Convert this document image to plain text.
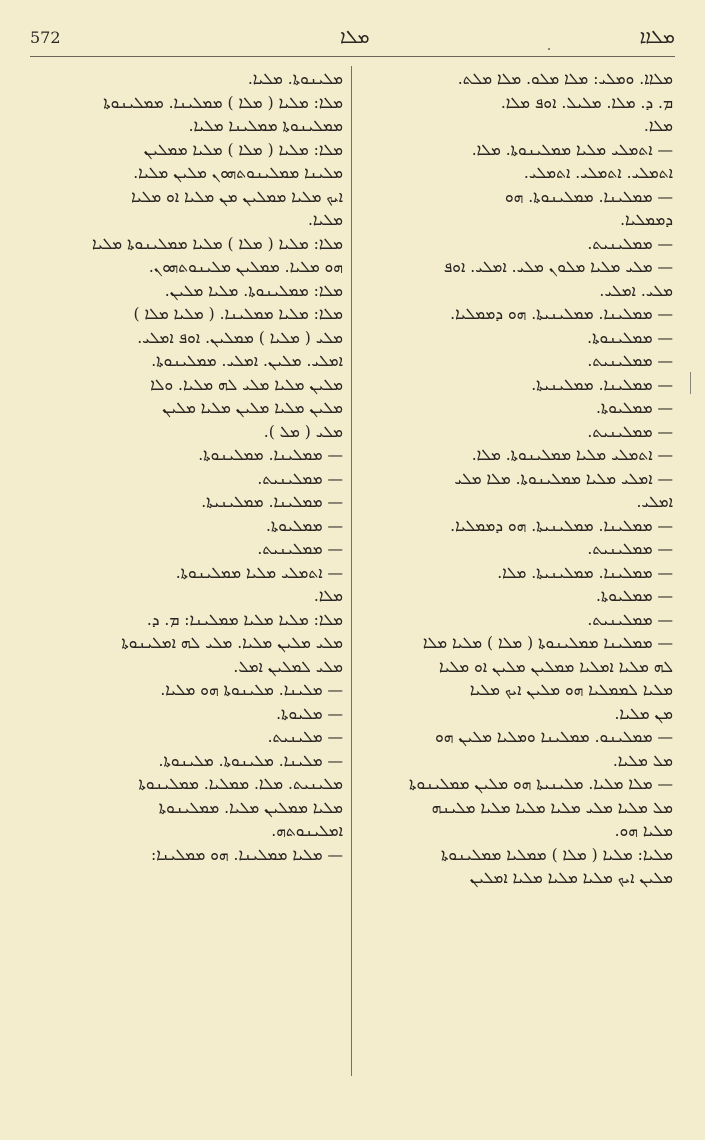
572	ܡܠܐ	ܡܠܐܐ
ܡܠܐܐ. ܘܡܠܝ: ܡܠܐ ܡܠܘ. ܡܠܐ ܡܠܬ.
ܡ. ܕ. ܡܠܐ. ܡܠܝܠ. ܐܘܦ ܡܠܐ.
ܡܠܐ.
— ܐܬܡܠܝ ܡܠܝܐ ܡܡܠܝܢܘܬܐ. ܡܠܐ.
ܐܬܡܠܝ. ܐܬܡܠܝ. ܐܬܡܠܝ.
— ܡܡܠܝܢܐ. ܡܡܠܝܢܘܬܐ. ܗܘ
ܕܡܡܠܝܐ.
— ܡܡܠܝܢܝܬ.
— ܡܠܝ ܡܠܝܐ ܡܠܘܢ ܡܠܝ. ܐܡܠܝ. ܐܘܦ
ܡܠܝ. ܐܡܠܝ.
— ܡܡܠܝܢܐ. ܡܡܠܝܢܝܬܐ. ܗܘ ܕܡܡܠܝܐ.
— ܡܡܠܝܢܘܬܐ.
— ܡܡܠܝܢܝܬ.
— ܡܡܠܝܢܐ. ܡܡܠܝܢܝܬܐ.
— ܡܡܠܝܘܬܐ.
— ܡܡܠܝܢܝܬ.
— ܐܬܡܠܝ ܡܠܝܐ ܡܡܠܝܢܘܬܐ. ܡܠܐ.
— ܐܡܠܝ ܡܠܝܐ ܡܡܠܝܢܘܬܐ. ܡܠܐ ܡܠܝ
ܐܡܠܝ.
— ܡܡܠܝܢܐ. ܡܡܠܝܢܝܬܐ. ܗܘ ܕܡܡܠܝܐ.
— ܡܡܠܝܢܝܬ.
— ܡܡܠܝܢܐ. ܡܡܠܝܢܝܬܐ. ܡܠܐ.
— ܡܡܠܝܘܬܐ.
— ܡܡܠܝܢܝܬ.
— ܡܡܠܝܢܐ ܡܡܠܝܢܘܬܐ ( ܡܠܐ ) ܡܠܝܐ ܡܠܐ
ܠܗ ܡܠܝܐ ܐܡܠܝܐ ܡܡܠܝܢ ܡܠܝܢ ܐܘ ܡܠܝܐ
ܡܠܝܐ ܠܡܡܠܝܐ ܗܘ ܡܠܝܢ ܐܝܟ ܡܠܝܐ
ܡܢ ܡܠܝܐ.
— ܡܡܠܝܢܘ. ܡܡܠܝܢܐ ܘܡܠܝܐ ܡܠܝܢ ܗܘ
ܡܠ ܡܠܝܐ.
— ܡܠܐ ܡܠܝܐ. ܡܠܝܢܝܬܐ ܗܘ ܡܠܝܢ ܡܡܠܝܢܘܬܐ
ܡܠ ܡܠܝܐ ܡܠܝ ܡܠܝܐ ܡܠܝܐ ܡܠܝܐ ܡܠܝܢܗ
ܡܠܝܐ ܗܘ.
ܡܠܝܐ: ܡܠܝܐ ( ܡܠܐ ) ܡܡܠܝܐ ܡܡܠܝܢܘܬܐ
ܡܠܝܢ ܐܝܟ ܡܠܝܐ ܡܠܝܐ ܡܠܝܐ ܐܡܠܝܢ
ܡܠܝܢܘܬܐ. ܡܠܝܐ.
ܡܠܐ: ܡܠܝܐ ( ܡܠܐ ) ܡܡܠܝܢܐ. ܡܡܠܝܢܘܬܐ
ܡܡܠܝܢܘܬܐ ܡܡܠܝܢܐ ܡܠܝܐ.
ܡܠܐ: ܡܠܝܐ ( ܡܠܐ ) ܡܠܝܐ ܡܡܠܝܢ
ܡܠܝܢܐ ܡܡܠܝܢܘܬܗܘܢ ܡܠܝܢ ܡܠܝܐ.
ܐܝܟ ܡܠܝܐ ܡܡܠܝܢ ܡܢ ܡܠܝܐ ܐܘ ܡܠܝܐ
ܡܠܝܐ.
ܡܠܐ: ܡܠܝܐ ( ܡܠܐ ) ܡܠܝܐ ܡܡܠܝܢܘܬܐ ܡܠܝܐ
ܗܘ ܡܠܝܐ. ܡܡܠܝܢ ܡܠܝܢܘܬܗܘܢ.
ܡܠܐ: ܡܡܠܝܢܘܬܐ. ܡܠܝܐ ܡܠܝܢ.
ܡܠܐ: ܡܠܝܐ ܡܡܠܝܢܐ. ( ܡܠܝܐ ܡܠܐ )
ܡܠܝ ( ܡܠܝܐ ) ܡܡܠܝܢ. ܐܘܦ ܐܡܠܝ.
ܐܡܠܝ. ܡܠܝܢ. ܐܡܠܝ. ܡܡܠܝܢܘܬܐ.
ܡܠܝܢ ܡܠܝܐ ܡܠܝ ܠܗ ܡܠܝܐ. ܘܠܐ
ܡܠܝܢ ܡܠܝܐ ܡܠܝܢ ܡܠܝܐ ܡܠܝܢ
ܡܠܝ ( ܡܠ ).
— ܡܡܠܝܢܐ. ܡܡܠܝܢܘܬܐ.
— ܡܡܠܝܢܝܬ.
— ܡܡܠܝܢܐ. ܡܡܠܝܢܝܬܐ.
— ܡܡܠܝܘܬܐ.
— ܡܡܠܝܢܝܬ.
— ܐܬܡܠܝ ܡܠܝܐ ܡܡܠܝܢܘܬܐ.
ܡܠܐ.
ܡܠܐ: ܡܠܝܐ ܡܠܝܐ ܡܡܠܝܢܐ: ܡ. ܕ.
ܡܠܝ ܡܠܝܢ ܡܠܝܐ. ܡܠܝ ܠܗ ܐܡܠܝܢܘܬܐ
ܡܠܝ ܠܡܠܝܢ ܐܡܠ.
— ܡܠܝܢܐ. ܡܠܝܢܘܬܐ ܗܘ ܡܠܝܐ.
— ܡܠܝܘܬܐ.
— ܡܠܝܢܝܬ.
— ܡܠܝܢܐ. ܡܠܝܢܘܬܐ. ܡܠܝܢܘܬܐ.
ܡܠܝܢܝܬ. ܡܠܐ. ܡܡܠܝܐ. ܡܡܠܝܢܘܬܐ
ܡܠܝܐ ܡܡܠܝܢ ܡܠܝܐ. ܡܡܠܝܢܘܬܐ
ܐܡܠܝܢܘܬܗ.
— ܡܠܝܐ ܡܡܠܝܢܐ. ܗܘ ܡܡܠܝܢܐ:
